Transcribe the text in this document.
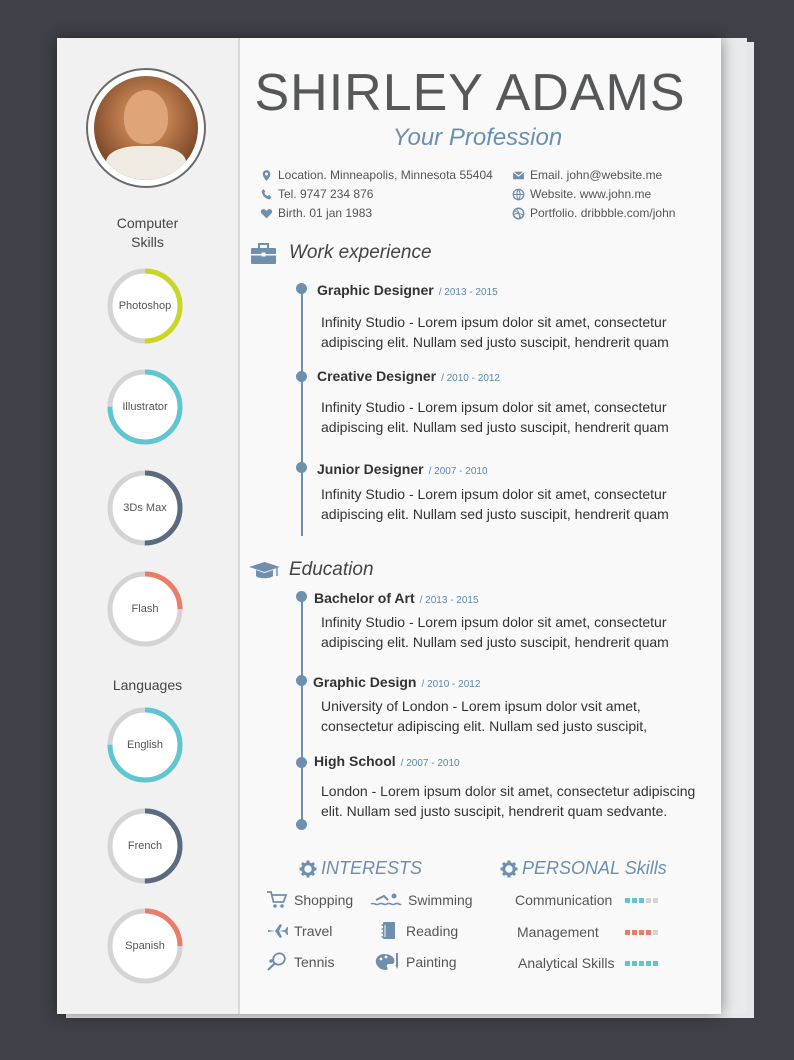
Computer
Skills
Photoshop
Illustrator
3Ds Max
Flash
Languages
English
French
Spanish
SHIRLEY ADAMS
Your Profession
Location. Minneapolis, Minnesota 55404
Tel. 9747 234 876
Birth. 01 jan 1983
Email. john@website.me
Website. www.john.me
Portfolio. dribbble.com/john
Work experience
Graphic Designer / 2013 - 2015
Infinity Studio - Lorem ipsum dolor sit amet, consectetur
adipiscing elit. Nullam sed justo suscipit, hendrerit quam
Creative Designer / 2010 - 2012
Infinity Studio - Lorem ipsum dolor sit amet, consectetur
adipiscing elit. Nullam sed justo suscipit, hendrerit quam
Junior Designer / 2007 - 2010
Infinity Studio - Lorem ipsum dolor sit amet, consectetur
adipiscing elit. Nullam sed justo suscipit, hendrerit quam
Education
Bachelor of Art / 2013 - 2015
Infinity Studio - Lorem ipsum dolor sit amet, consectetur
adipiscing elit. Nullam sed justo suscipit, hendrerit quam
Graphic Design / 2010 - 2012
University of London - Lorem ipsum dolor vsit amet,
consectetur adipiscing elit. Nullam sed justo suscipit,
High School / 2007 - 2010
London - Lorem ipsum dolor sit amet, consectetur adipiscing
elit. Nullam sed justo suscipit, hendrerit quam sedvante.
INTERESTS
Shopping	Swimming
Travel	Reading
Tennis	Painting
PERSONAL Skills
Communication
Management
Analytical Skills
